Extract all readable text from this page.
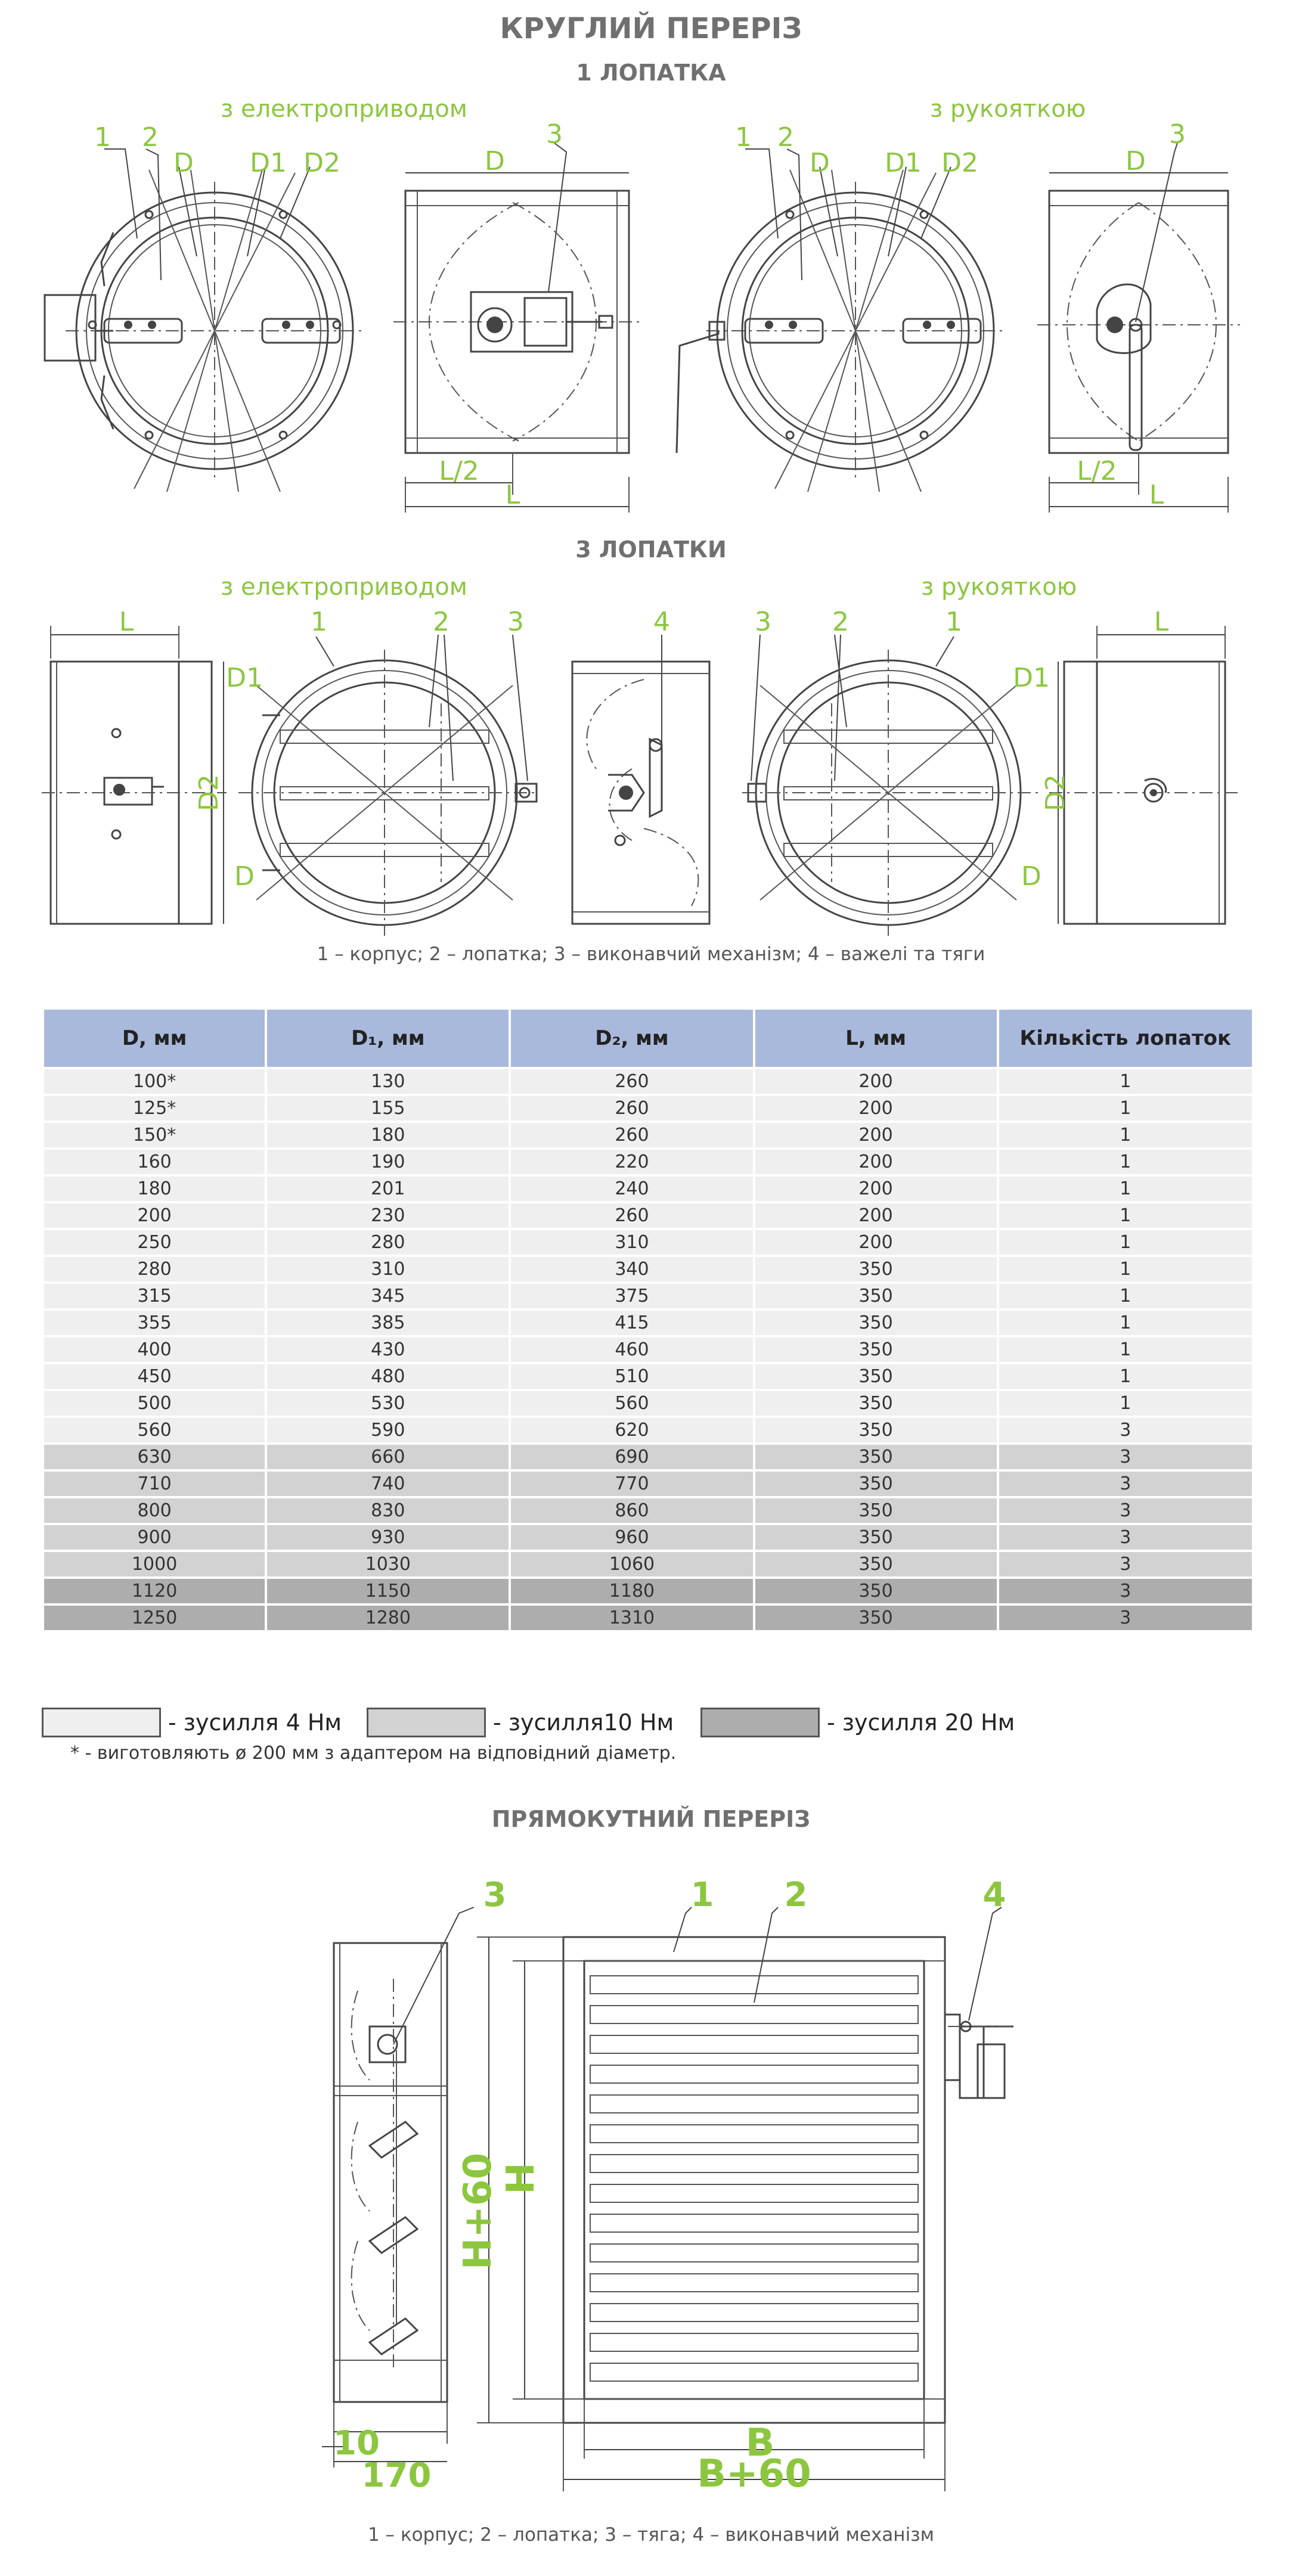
КРУГЛИЙ ПЕРЕРІЗ
1 ЛОПАТКА
з електроприводом	з рукояткою
1 2
D D1 D2	D
3
L/2
L
1 2
D D1 D2	D
3
L/2
L
3 ЛОПАТКИ
з електроприводом	з рукояткою
L
D2
1	2 3
D1
D
4	3 2	1
D1
D
L
D2
1 – корпус; 2 – лопатка; 3 – виконавчий механізм; 4 – важелі та тяги
D, мм	D₁, мм	D₂, мм	L, мм	Кількість лопаток
100*	130	260	200	1
125*	155	260	200	1
150*	180	260	200	1
160	190	220	200	1
180	201	240	200	1
200	230	260	200	1
250	280	310	200	1
280	310	340	350	1
315	345	375	350	1
355	385	415	350	1
400	430	460	350	1
450	480	510	350	1
500	530	560	350	1
560	590	620	350	3
630	660	690	350	3
710	740	770	350	3
800	830	860	350	3
900	930	960	350	3
1000	1030	1060	350	3
1120	1150	1180	350	3
1250	1280	1310	350	3
- зусилля 4 Нм	- зусилля10 Нм	- зусилля 20 Нм
* - виготовляють ø 200 мм з адаптером на відповідний діаметр.
ПРЯМОКУТНИЙ ПЕРЕРІЗ
3	1 2	4
H+60
H
B
B+60
10
170
1 – корпус; 2 – лопатка; 3 – тяга; 4 – виконавчий механізм
